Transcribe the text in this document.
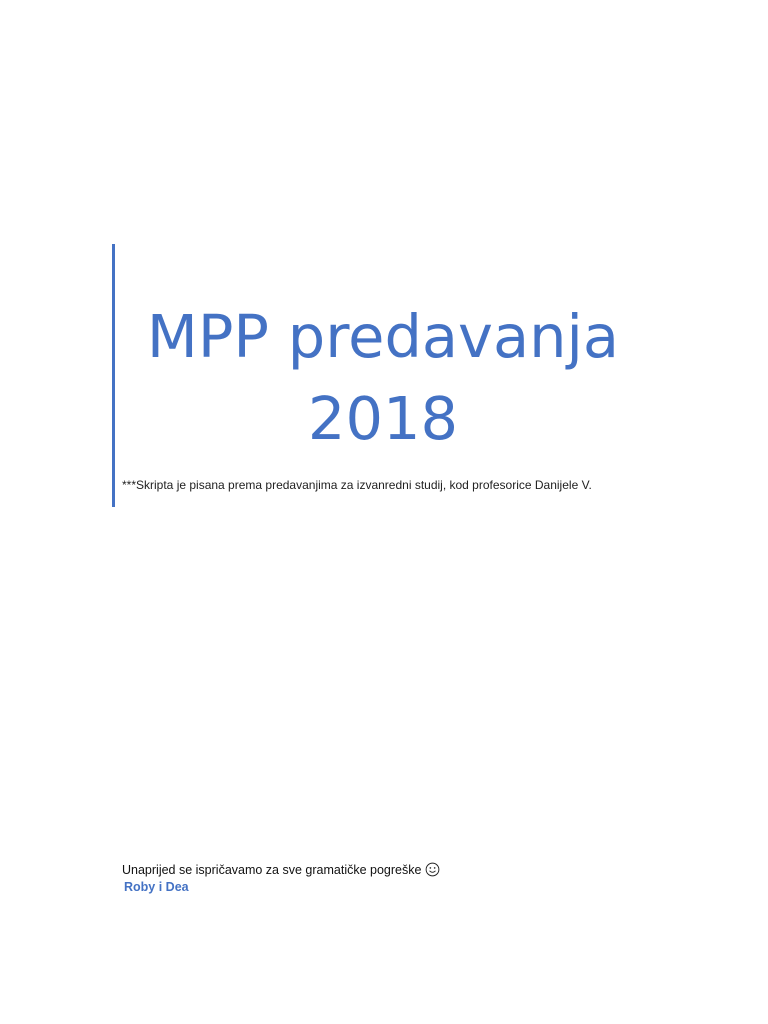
MPP predavanja
2018

***Skripta je pisana prema predavanjima za izvanredni studij, kod profesorice Danijele V.

Unaprijed se ispričavamo za sve gramatičke pogreške

Roby i Dea
